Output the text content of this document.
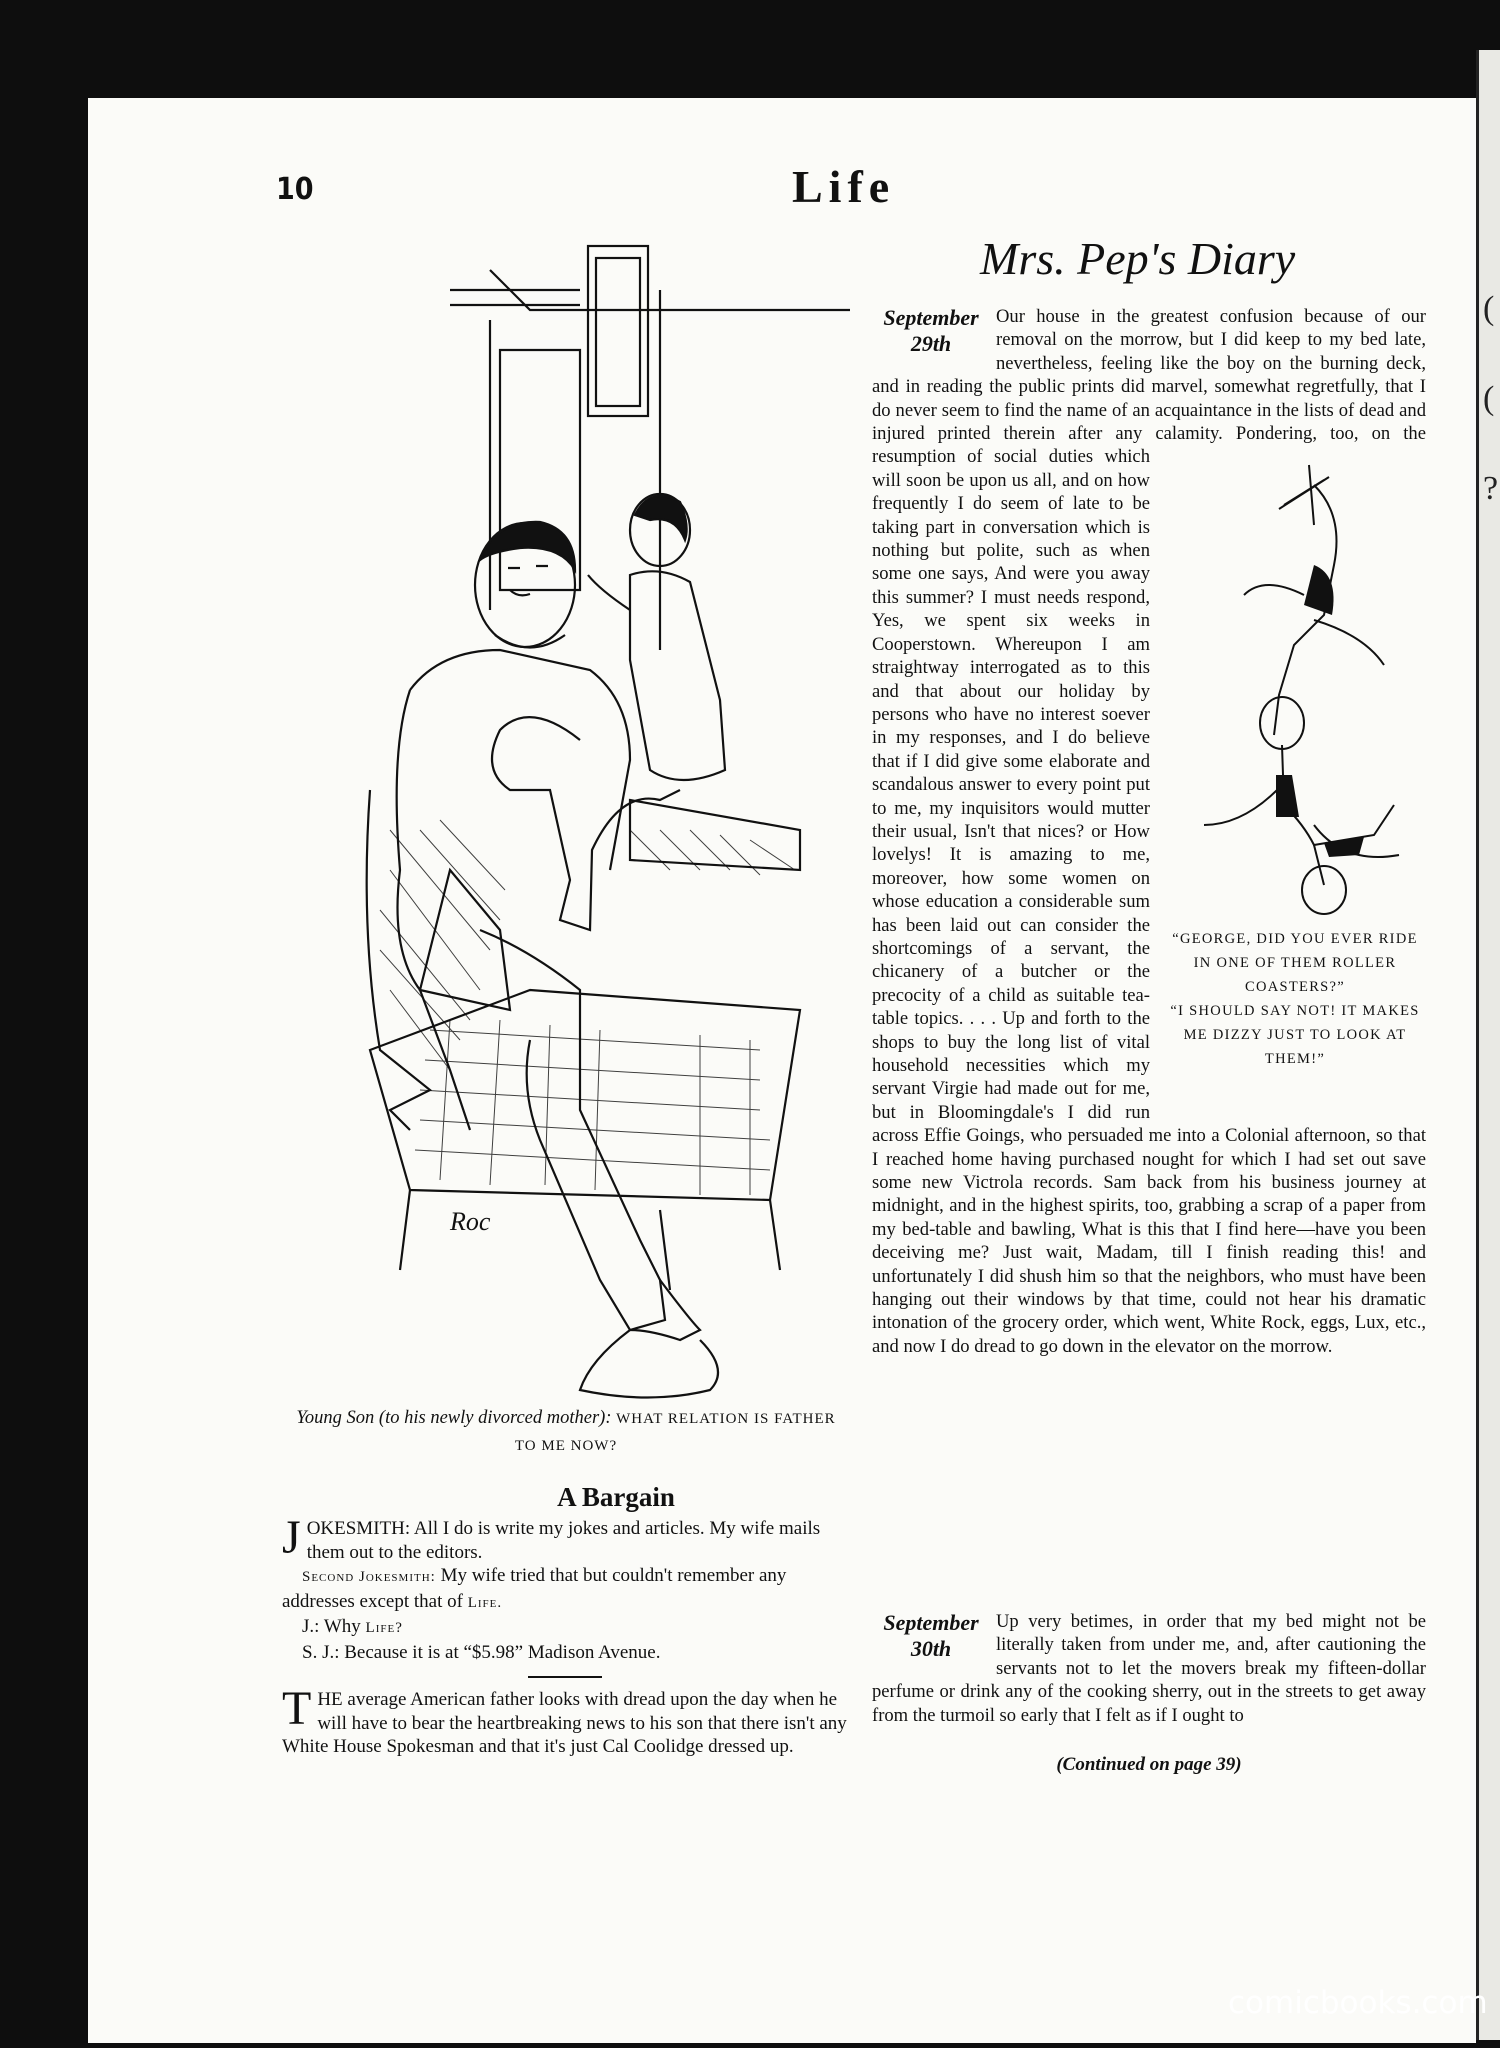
(
(
?
10	Life
Mrs. Pep's Diary
Roc
Young Son (to his newly divorced mother): WHAT RELATION IS FATHER TO ME NOW?
A Bargain

JOKESMITH: All I do is write my jokes and articles. My wife mails them out to the editors.

Second Jokesmith: My wife tried that but couldn't remember any addresses except that of Life.

J.: Why Life?

S. J.: Because it is at “$5.98” Madison Avenue.

THE average American father looks with dread upon the day when he will have to bear the heartbreaking news to his son that there isn't any White House Spokesman and that it's just Cal Coolidge dressed up.

September
29th
Our house in the greatest confusion because of our removal on the morrow, but I did keep to my bed late, nevertheless, feeling like the boy on the burning deck, and in reading the public prints did marvel, somewhat regretfully, that I do never seem to find the name of an acquaintance in the lists of dead and injured printed therein after any calamity. Pondering, too, on the resumption of social duties which
“GEORGE, DID YOU EVER RIDE IN ONE OF THEM ROLLER COASTERS?”
“I SHOULD SAY NOT! IT MAKES ME DIZZY JUST TO LOOK AT THEM!”
will soon be upon us all, and on how frequently I do seem of late to be taking part in conversation which is nothing but polite, such as when some one says, And were you away this summer? I must needs respond, Yes, we spent six weeks in Cooperstown. Whereupon I am straightway interrogated as to this and that about our holiday by persons who have no interest soever in my responses, and I do believe that if I did give some elaborate and scandalous answer to every point put to me, my inquisitors would mutter their usual, Isn't that nices? or How lovelys! It is amazing to me, moreover, how some women on whose education a considerable sum has been laid out can consider the shortcomings of a servant, the chicanery of a butcher or the precocity of a child as suitable tea-table topics. . . . Up and forth to the shops to buy the long list of vital household necessities which my servant Virgie had made out for me, but in Bloomingdale's I did run across Effie Goings, who persuaded me into a Colonial afternoon, so that I reached home having purchased nought for which I had set out save some new Victrola records. Sam back from his business journey at midnight, and in the highest spirits, too, grabbing a scrap of a paper from my bed-table and bawling, What is this that I find here—have you been deceiving me? Just wait, Madam, till I finish reading this! and unfortunately I did shush him so that the neighbors, who must have been hanging out their windows by that time, could not hear his dramatic intonation of the grocery order, which went, White Rock, eggs, Lux, etc., and now I do dread to go down in the elevator on the morrow.
September
30th
Up very betimes, in order that my bed might not be literally taken from under me, and, after cautioning the servants not to let the movers break my fifteen-dollar perfume or drink any of the cooking sherry, out in the streets to get away from the turmoil so early that I felt as if I ought to
(Continued on page 39)
comicbooks.com
